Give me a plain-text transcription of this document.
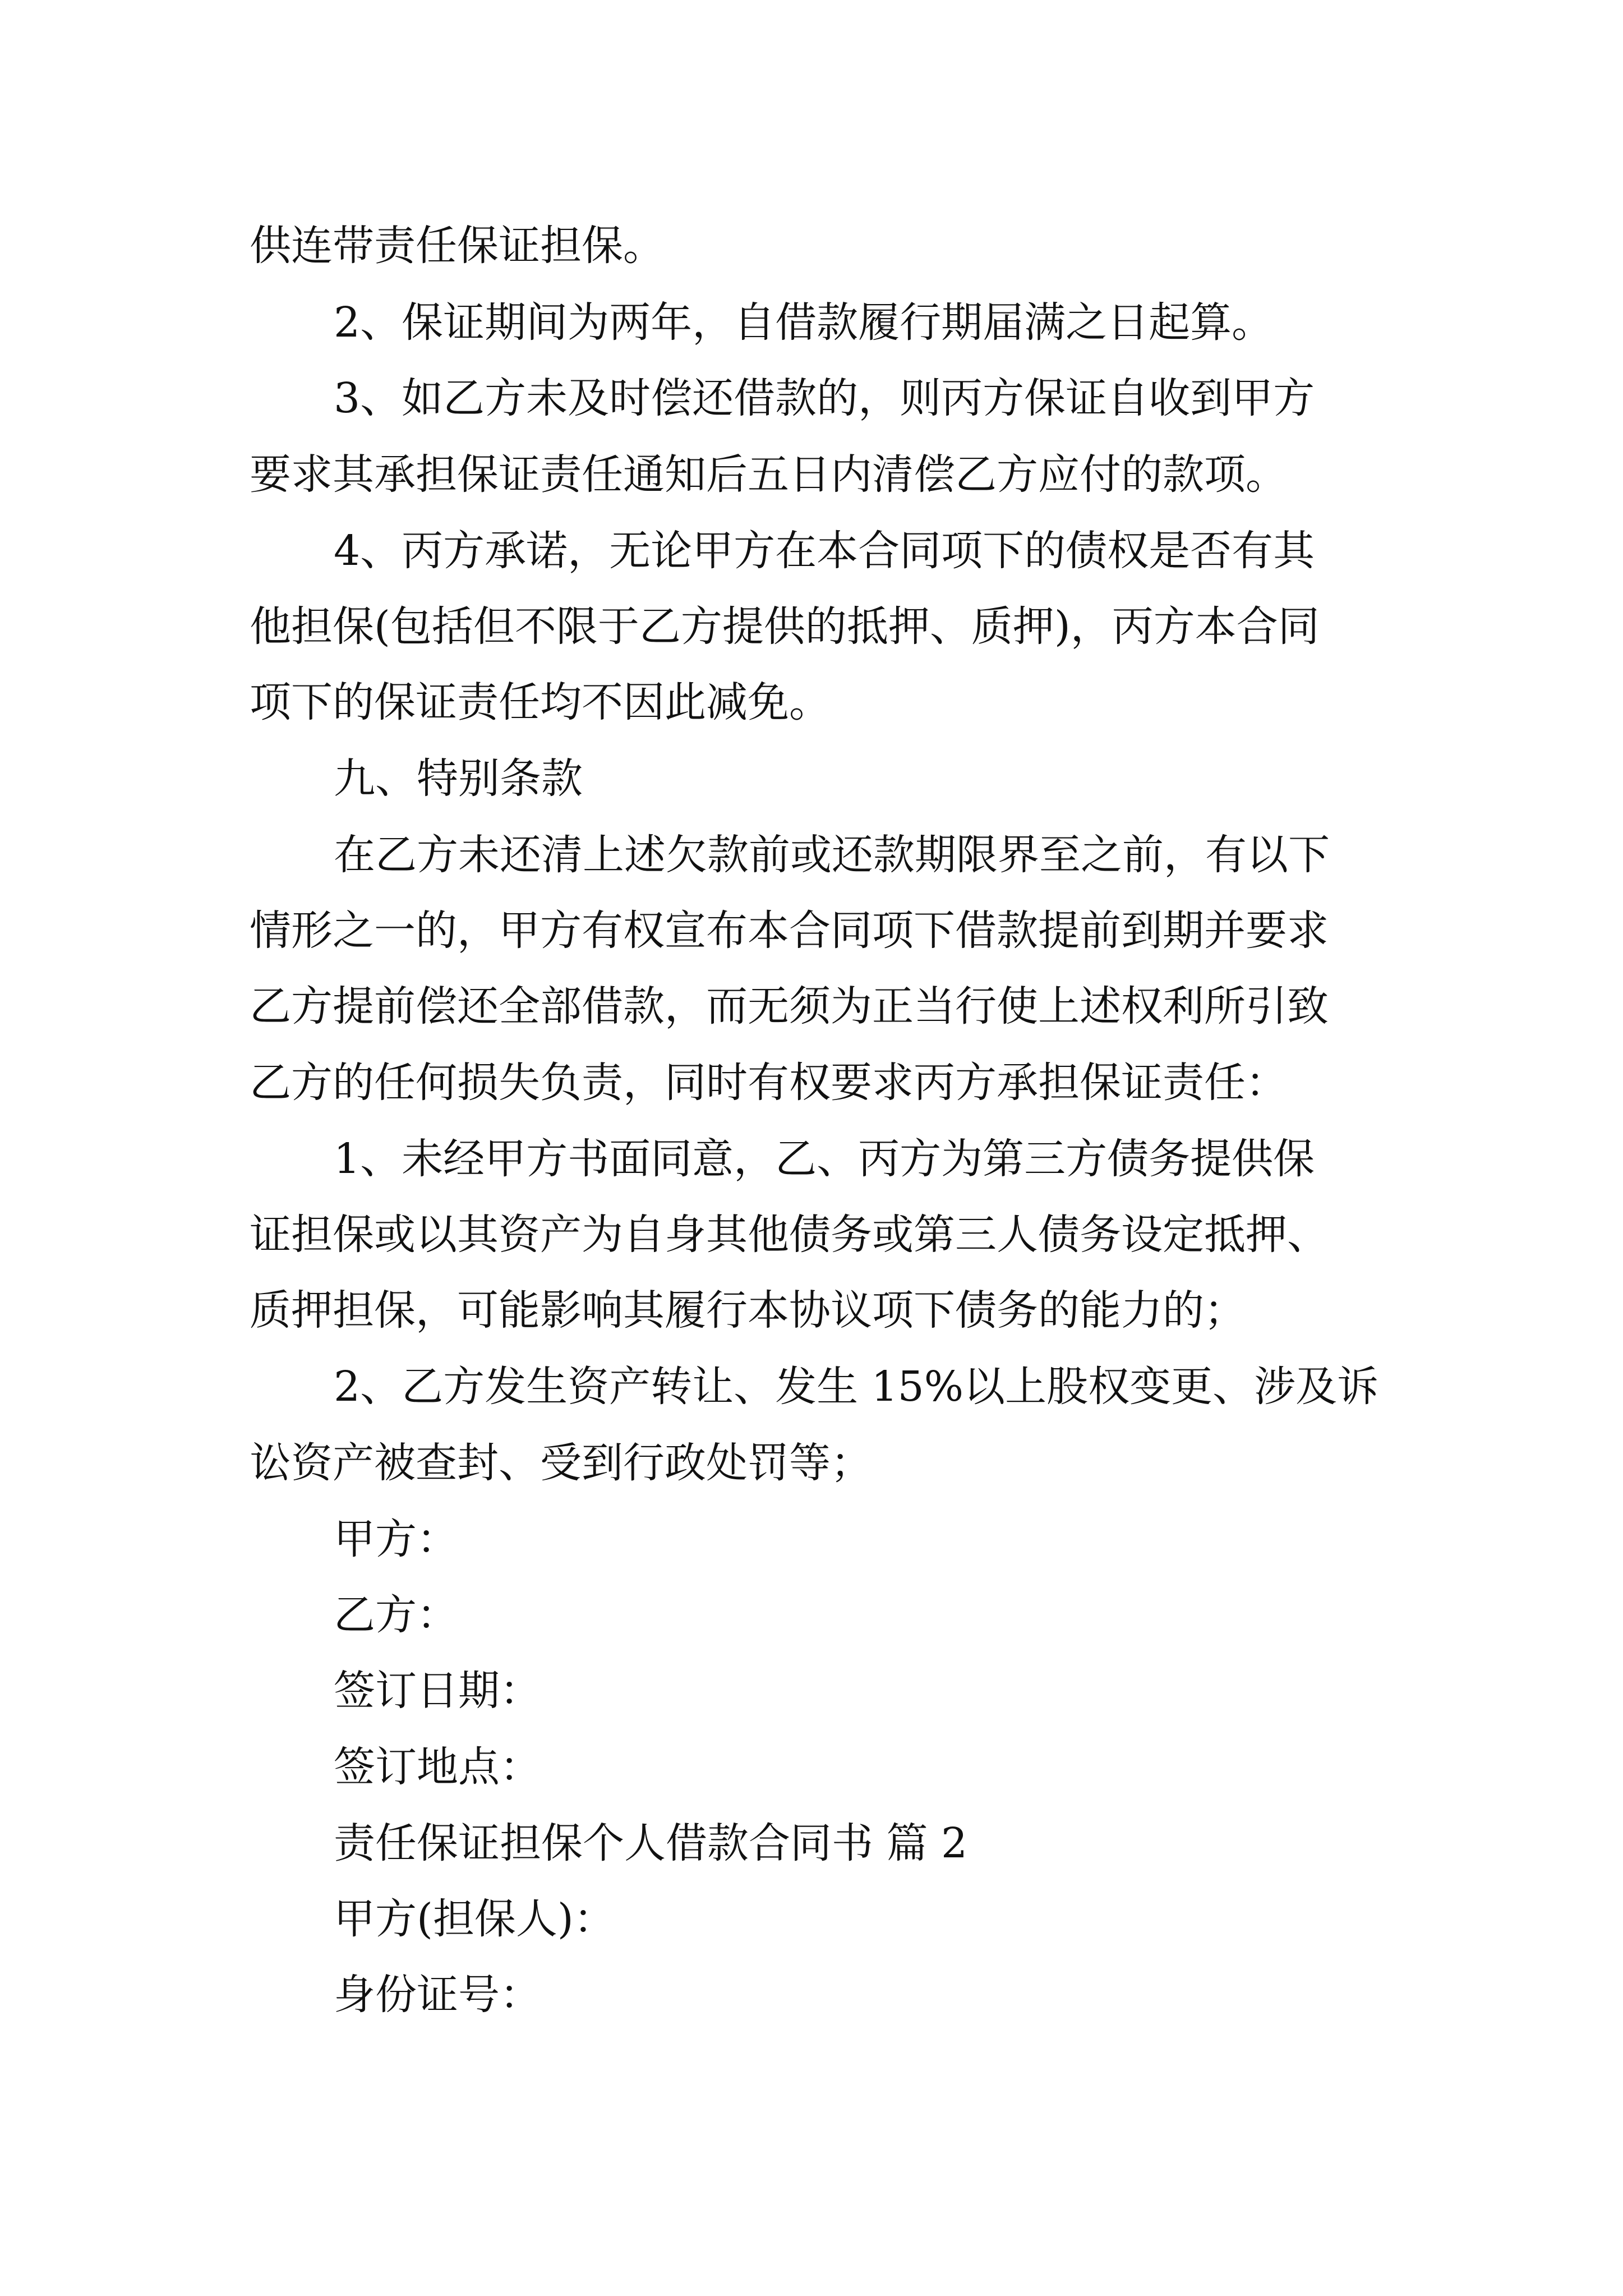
供连带责任保证担保。

2、保证期间为两年，自借款履行期届满之日起算。

3、如乙方未及时偿还借款的，则丙方保证自收到甲方

要求其承担保证责任通知后五日内清偿乙方应付的款项。

4、丙方承诺，无论甲方在本合同项下的债权是否有其

他担保(包括但不限于乙方提供的抵押、质押)，丙方本合同

项下的保证责任均不因此减免。

九、特别条款

在乙方未还清上述欠款前或还款期限界至之前，有以下

情形之一的，甲方有权宣布本合同项下借款提前到期并要求

乙方提前偿还全部借款，而无须为正当行使上述权利所引致

乙方的任何损失负责，同时有权要求丙方承担保证责任：

1、未经甲方书面同意，乙、丙方为第三方债务提供保

证担保或以其资产为自身其他债务或第三人债务设定抵押、

质押担保，可能影响其履行本协议项下债务的能力的；

2、乙方发生资产转让、发生 15%以上股权变更、涉及诉

讼资产被查封、受到行政处罚等；

甲方：

乙方：

签订日期：

签订地点：

责任保证担保个人借款合同书 篇 2

甲方(担保人)：

身份证号：
